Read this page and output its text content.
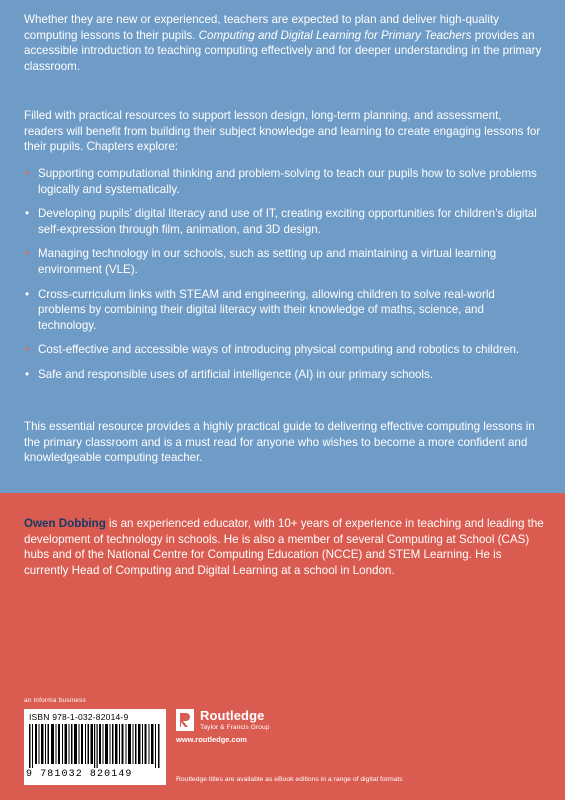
Whether they are new or experienced, teachers are expected to plan and deliver high-quality computing lessons to their pupils. Computing and Digital Learning for Primary Teachers provides an accessible introduction to teaching computing effectively and for deeper understanding in the primary classroom.

Filled with practical resources to support lesson design, long-term planning, and assessment, readers will benefit from building their subject knowledge and learning to create engaging lessons for their pupils. Chapters explore:

• Supporting computational thinking and problem-solving to teach our pupils how to solve problems logically and systematically.
• Developing pupils’ digital literacy and use of IT, creating exciting opportunities for children’s digital self-expression through film, animation, and 3D design.
• Managing technology in our schools, such as setting up and maintaining a virtual learning environment (VLE).
• Cross-curriculum links with STEAM and engineering, allowing children to solve real-world problems by combining their digital literacy with their knowledge of maths, science, and technology.
• Cost-effective and accessible ways of introducing physical computing and robotics to children.
• Safe and responsible uses of artificial intelligence (AI) in our primary schools.

This essential resource provides a highly practical guide to delivering effective computing lessons in the primary classroom and is a must read for anyone who wishes to become a more confident and knowledgeable computing teacher.

Owen Dobbing is an experienced educator, with 10+ years of experience in teaching and leading the development of technology in schools. He is also a member of several Computing at School (CAS) hubs and of the National Centre for Computing Education (NCCE) and STEM Learning. He is currently Head of Computing and Digital Learning at a school in London.

an informa business
ISBN 978-1-032-82014-9
9 781032 820149
Routledge
Taylor & Francis Group
www.routledge.com
Routledge titles are available as eBook editions in a range of digital formats
